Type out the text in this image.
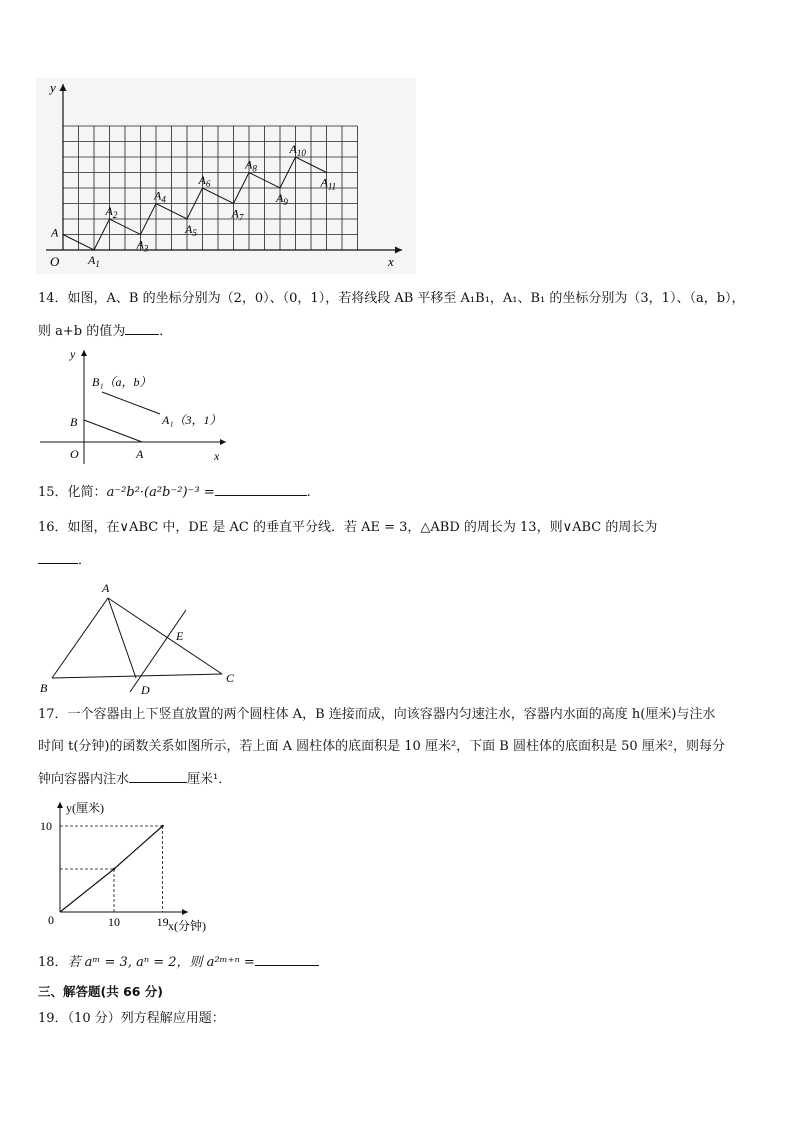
y
x
O
A
$A_1$
$A_2$
$A_3$
$A_4$
$A_5$
$A_6$
$A_7$
$A_8$
$A_9$
$A_{10}$
$A_{11}$
14．如图，A、B 的坐标分别为（2，0）、（0，1），若将线段 AB 平移至 A₁B₁，A₁、B₁ 的坐标分别为（3，1）、（a，b），
则 a+b 的值为	．
y
x
O	A
B
B₁（a，b）
A₁（3，1）
15．化简：a⁻²b²·(a²b⁻²)⁻³ =	.
16．如图，在∨ABC 中，DE 是 AC 的垂直平分线．若 AE = 3，△ABD 的周长为 13，则∨ABC 的周长为
．
A
B
C
D
E
17．一个容器由上下竖直放置的两个圆柱体 A，B 连接而成，向该容器内匀速注水，容器内水面的高度 h(厘米)与注水
时间 t(分钟)的函数关系如图所示，若上面 A 圆柱体的底面积是 10 厘米²，下面 B 圆柱体的底面积是 50 厘米²，则每分
钟向容器内注水	厘米¹．
y(厘米)
x(分钟)
0	10	19
10
18．若 aᵐ = 3, aⁿ = 2，则 a²ᵐ⁺ⁿ =
三、解答题(共 66 分)
19．（10 分）列方程解应用题：
